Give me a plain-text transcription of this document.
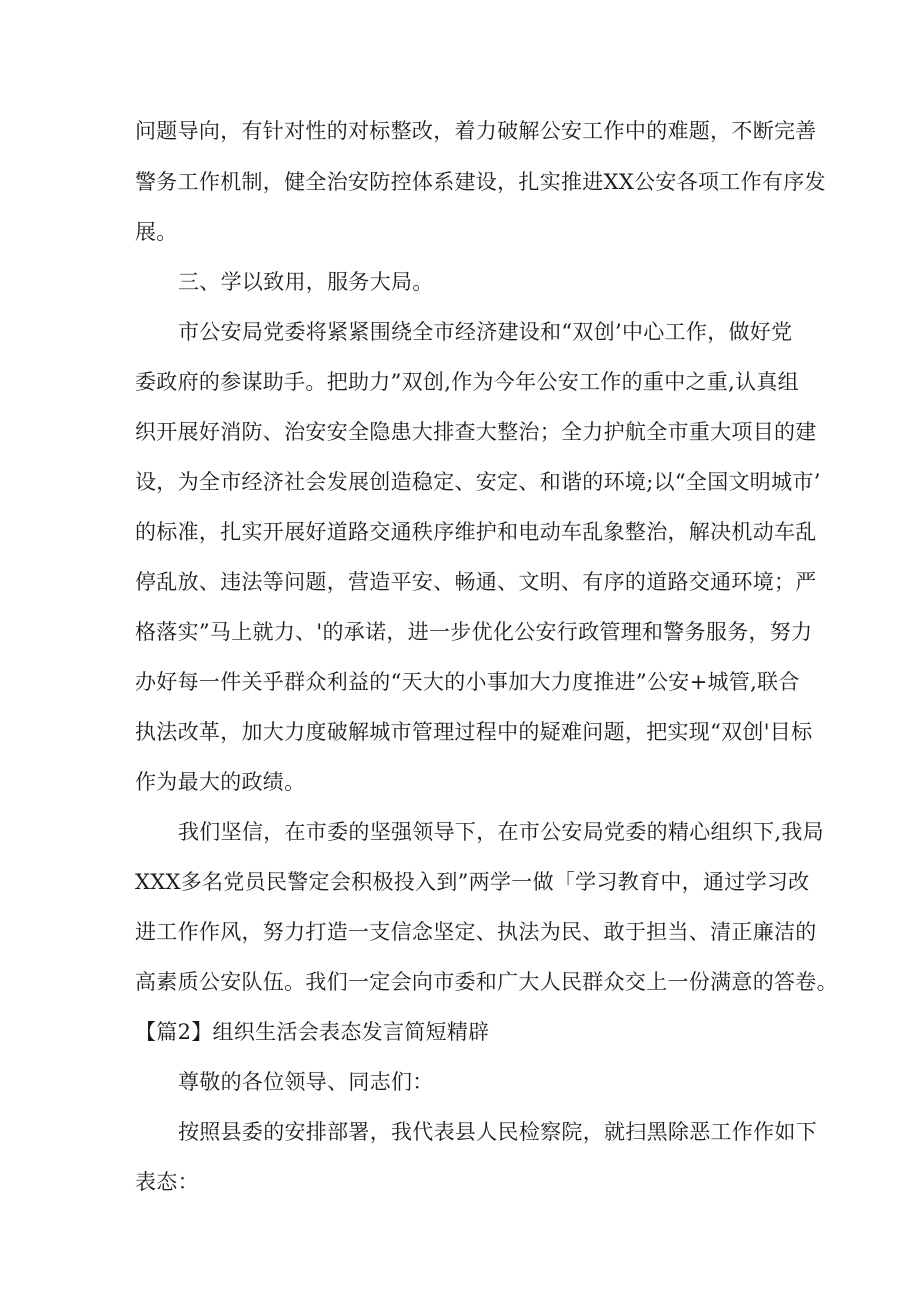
问题导向，有针对性的对标整改，着力破解公安工作中的难题，不断完善
警务工作机制，健全治安防控体系建设，扎实推进XX公安各项工作有序发
展。
三、学以致用，服务大局。
市公安局党委将紧紧围绕全市经济建设和“双创’中心工作，做好党
委政府的参谋助手。把助力”双创,作为今年公安工作的重中之重,认真组
织开展好消防、治安安全隐患大排查大整治；全力护航全市重大项目的建
设，为全市经济社会发展创造稳定、安定、和谐的环境;以“全国文明城市’
的标准，扎实开展好道路交通秩序维护和电动车乱象整治，解决机动车乱
停乱放、违法等问题，营造平安、畅通、文明、有序的道路交通环境；严
格落实”马上就力、'的承诺，进一步优化公安行政管理和警务服务，努力
办好每一件关乎群众利益的“天大的小事加大力度推进”公安+城管,联合
执法改革，加大力度破解城市管理过程中的疑难问题，把实现“双创'目标
作为最大的政绩。
我们坚信，在市委的坚强领导下，在市公安局党委的精心组织下,我局
XXX多名党员民警定会积极投入到”两学一做「学习教育中，通过学习改
进工作作风，努力打造一支信念坚定、执法为民、敢于担当、清正廉洁的
高素质公安队伍。我们一定会向市委和广大人民群众交上一份满意的答卷。
【篇2】组织生活会表态发言简短精辟
尊敬的各位领导、同志们：
按照县委的安排部署，我代表县人民检察院，就扫黑除恶工作作如下
表态：
